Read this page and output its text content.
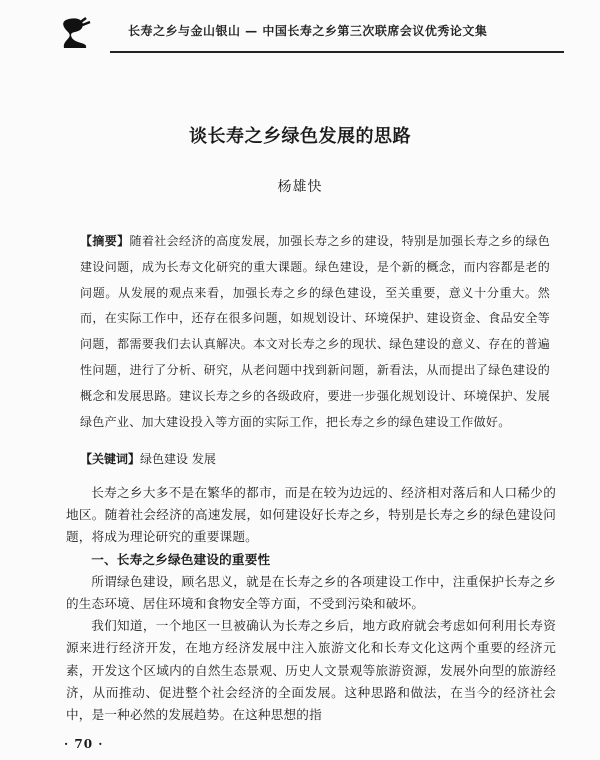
长寿之乡与金山银山 — 中国长寿之乡第三次联席会议优秀论文集
谈长寿之乡绿色发展的思路
杨雄快
【摘要】随着社会经济的高度发展，加强长寿之乡的建设，特别是加强长寿之乡的绿色建设问题，成为长寿文化研究的重大课题。绿色建设，是个新的概念，而内容都是老的问题。从发展的观点来看，加强长寿之乡的绿色建设，至关重要，意义十分重大。然而，在实际工作中，还存在很多问题，如规划设计、环境保护、建设资金、食品安全等问题，都需要我们去认真解决。本文对长寿之乡的现状、绿色建设的意义、存在的普遍性问题，进行了分析、研究，从老问题中找到新问题，新看法，从而提出了绿色建设的概念和发展思路。建议长寿之乡的各级政府，要进一步强化规划设计、环境保护、发展绿色产业、加大建设投入等方面的实际工作，把长寿之乡的绿色建设工作做好。
【关键词】绿色建设 发展

长寿之乡大多不是在繁华的都市，而是在较为边远的、经济相对落后和人口稀少的地区。随着社会经济的高速发展，如何建设好长寿之乡，特别是长寿之乡的绿色建设问题，将成为理论研究的重要课题。

一、长寿之乡绿色建设的重要性

所谓绿色建设，顾名思义，就是在长寿之乡的各项建设工作中，注重保护长寿之乡的生态环境、居住环境和食物安全等方面，不受到污染和破坏。

我们知道，一个地区一旦被确认为长寿之乡后，地方政府就会考虑如何利用长寿资源来进行经济开发，在地方经济发展中注入旅游文化和长寿文化这两个重要的经济元素，开发这个区域内的自然生态景观、历史人文景观等旅游资源，发展外向型的旅游经济，从而推动、促进整个社会经济的全面发展。这种思路和做法，在当今的经济社会中，是一种必然的发展趋势。在这种思想的指

· 70 ·
